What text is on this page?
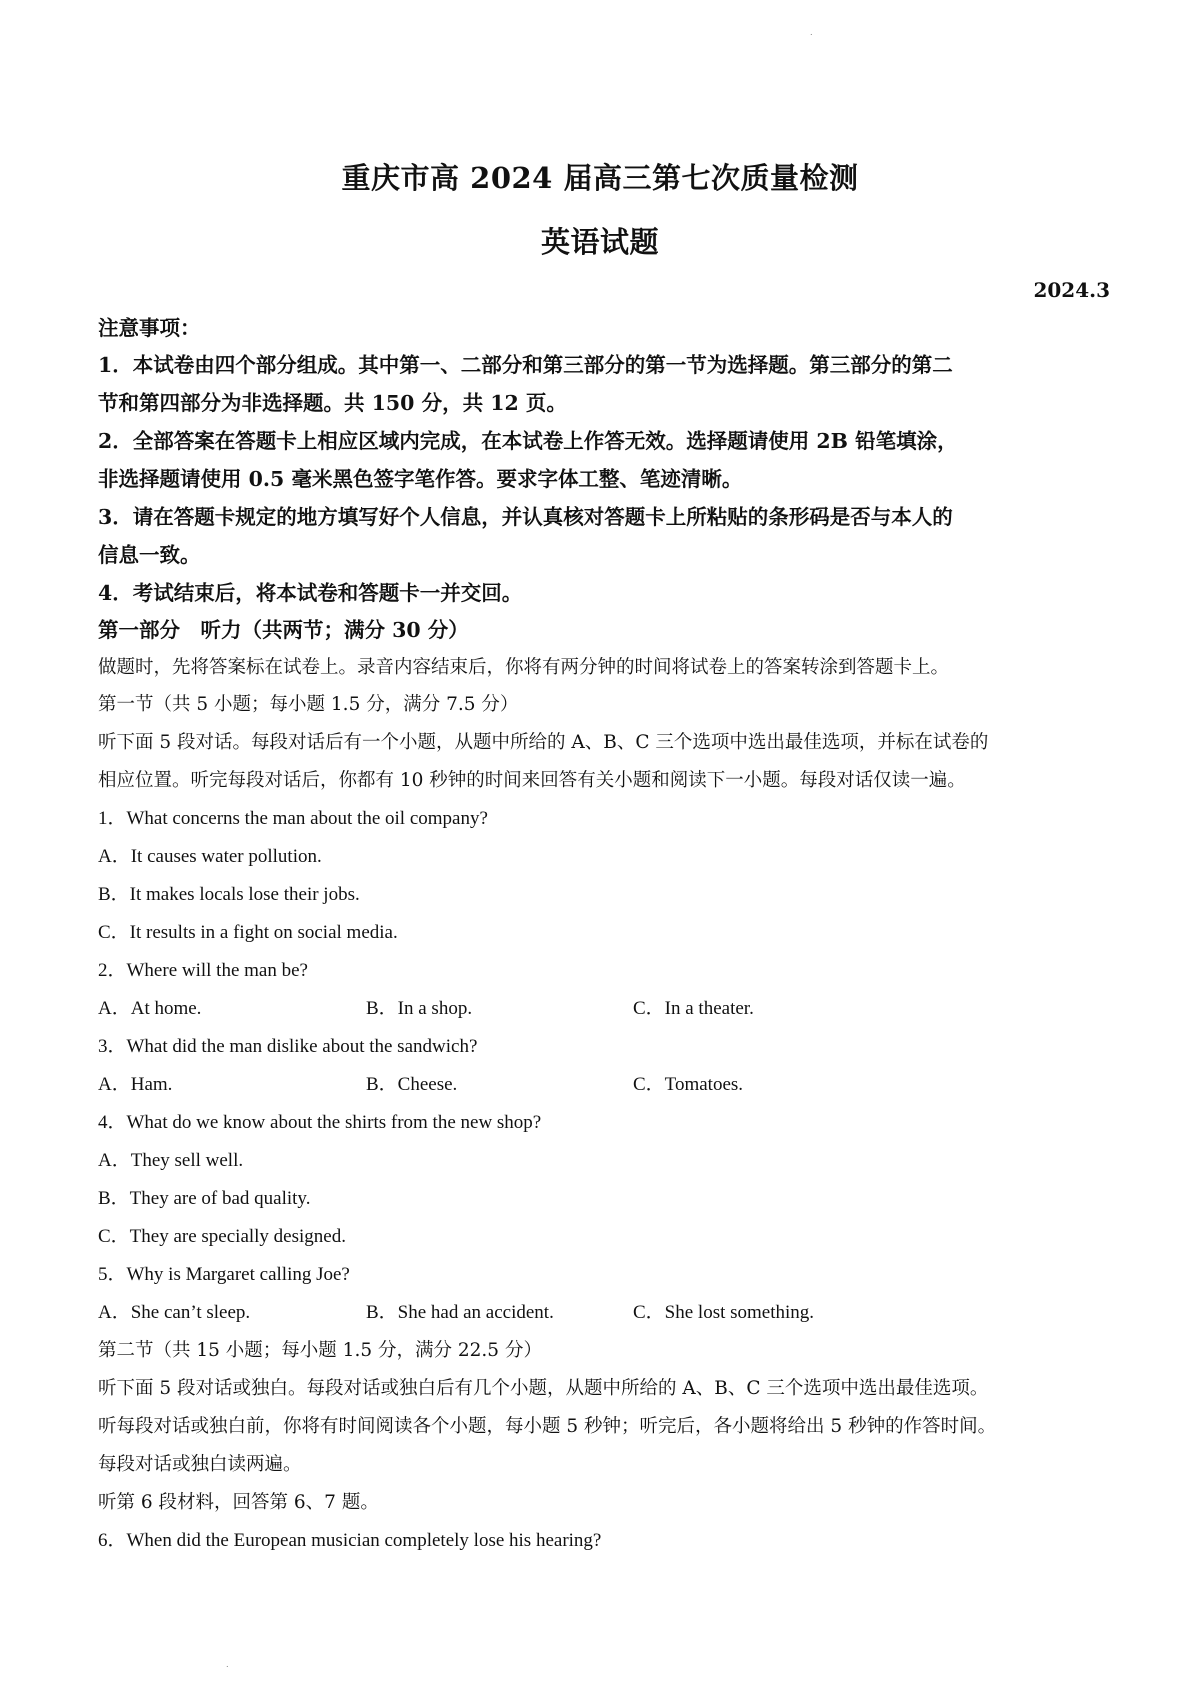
.
重庆市高 2024 届高三第七次质量检测
英语试题
2024.3
注意事项：
1．本试卷由四个部分组成。其中第一、二部分和第三部分的第一节为选择题。第三部分的第二
节和第四部分为非选择题。共 150 分，共 12 页。
2．全部答案在答题卡上相应区域内完成，在本试卷上作答无效。选择题请使用 2B 铅笔填涂，
非选择题请使用 0.5 毫米黑色签字笔作答。要求字体工整、笔迹清晰。
3．请在答题卡规定的地方填写好个人信息，并认真核对答题卡上所粘贴的条形码是否与本人的
信息一致。
4．考试结束后，将本试卷和答题卡一并交回。
第一部分　听力（共两节；满分 30 分）
做题时，先将答案标在试卷上。录音内容结束后，你将有两分钟的时间将试卷上的答案转涂到答题卡上。
第一节（共 5 小题；每小题 1.5 分，满分 7.5 分）
听下面 5 段对话。每段对话后有一个小题，从题中所给的 A、B、C 三个选项中选出最佳选项，并标在试卷的
相应位置。听完每段对话后，你都有 10 秒钟的时间来回答有关小题和阅读下一小题。每段对话仅读一遍。
1．What concerns the man about the oil company?
A．It causes water pollution.
B．It makes locals lose their jobs.
C．It results in a fight on social media.
2．Where will the man be?
A．At home.	B．In a shop.	C．In a theater.
3．What did the man dislike about the sandwich?
A．Ham.	B．Cheese.	C．Tomatoes.
4．What do we know about the shirts from the new shop?
A．They sell well.
B．They are of bad quality.
C．They are specially designed.
5．Why is Margaret calling Joe?
A．She can’t sleep.	B．She had an accident.	C．She lost something.
第二节（共 15 小题；每小题 1.5 分，满分 22.5 分）
听下面 5 段对话或独白。每段对话或独白后有几个小题，从题中所给的 A、B、C 三个选项中选出最佳选项。
听每段对话或独白前，你将有时间阅读各个小题，每小题 5 秒钟；听完后，各小题将给出 5 秒钟的作答时间。
每段对话或独白读两遍。
听第 6 段材料，回答第 6、7 题。
6．When did the European musician completely lose his hearing?
.
